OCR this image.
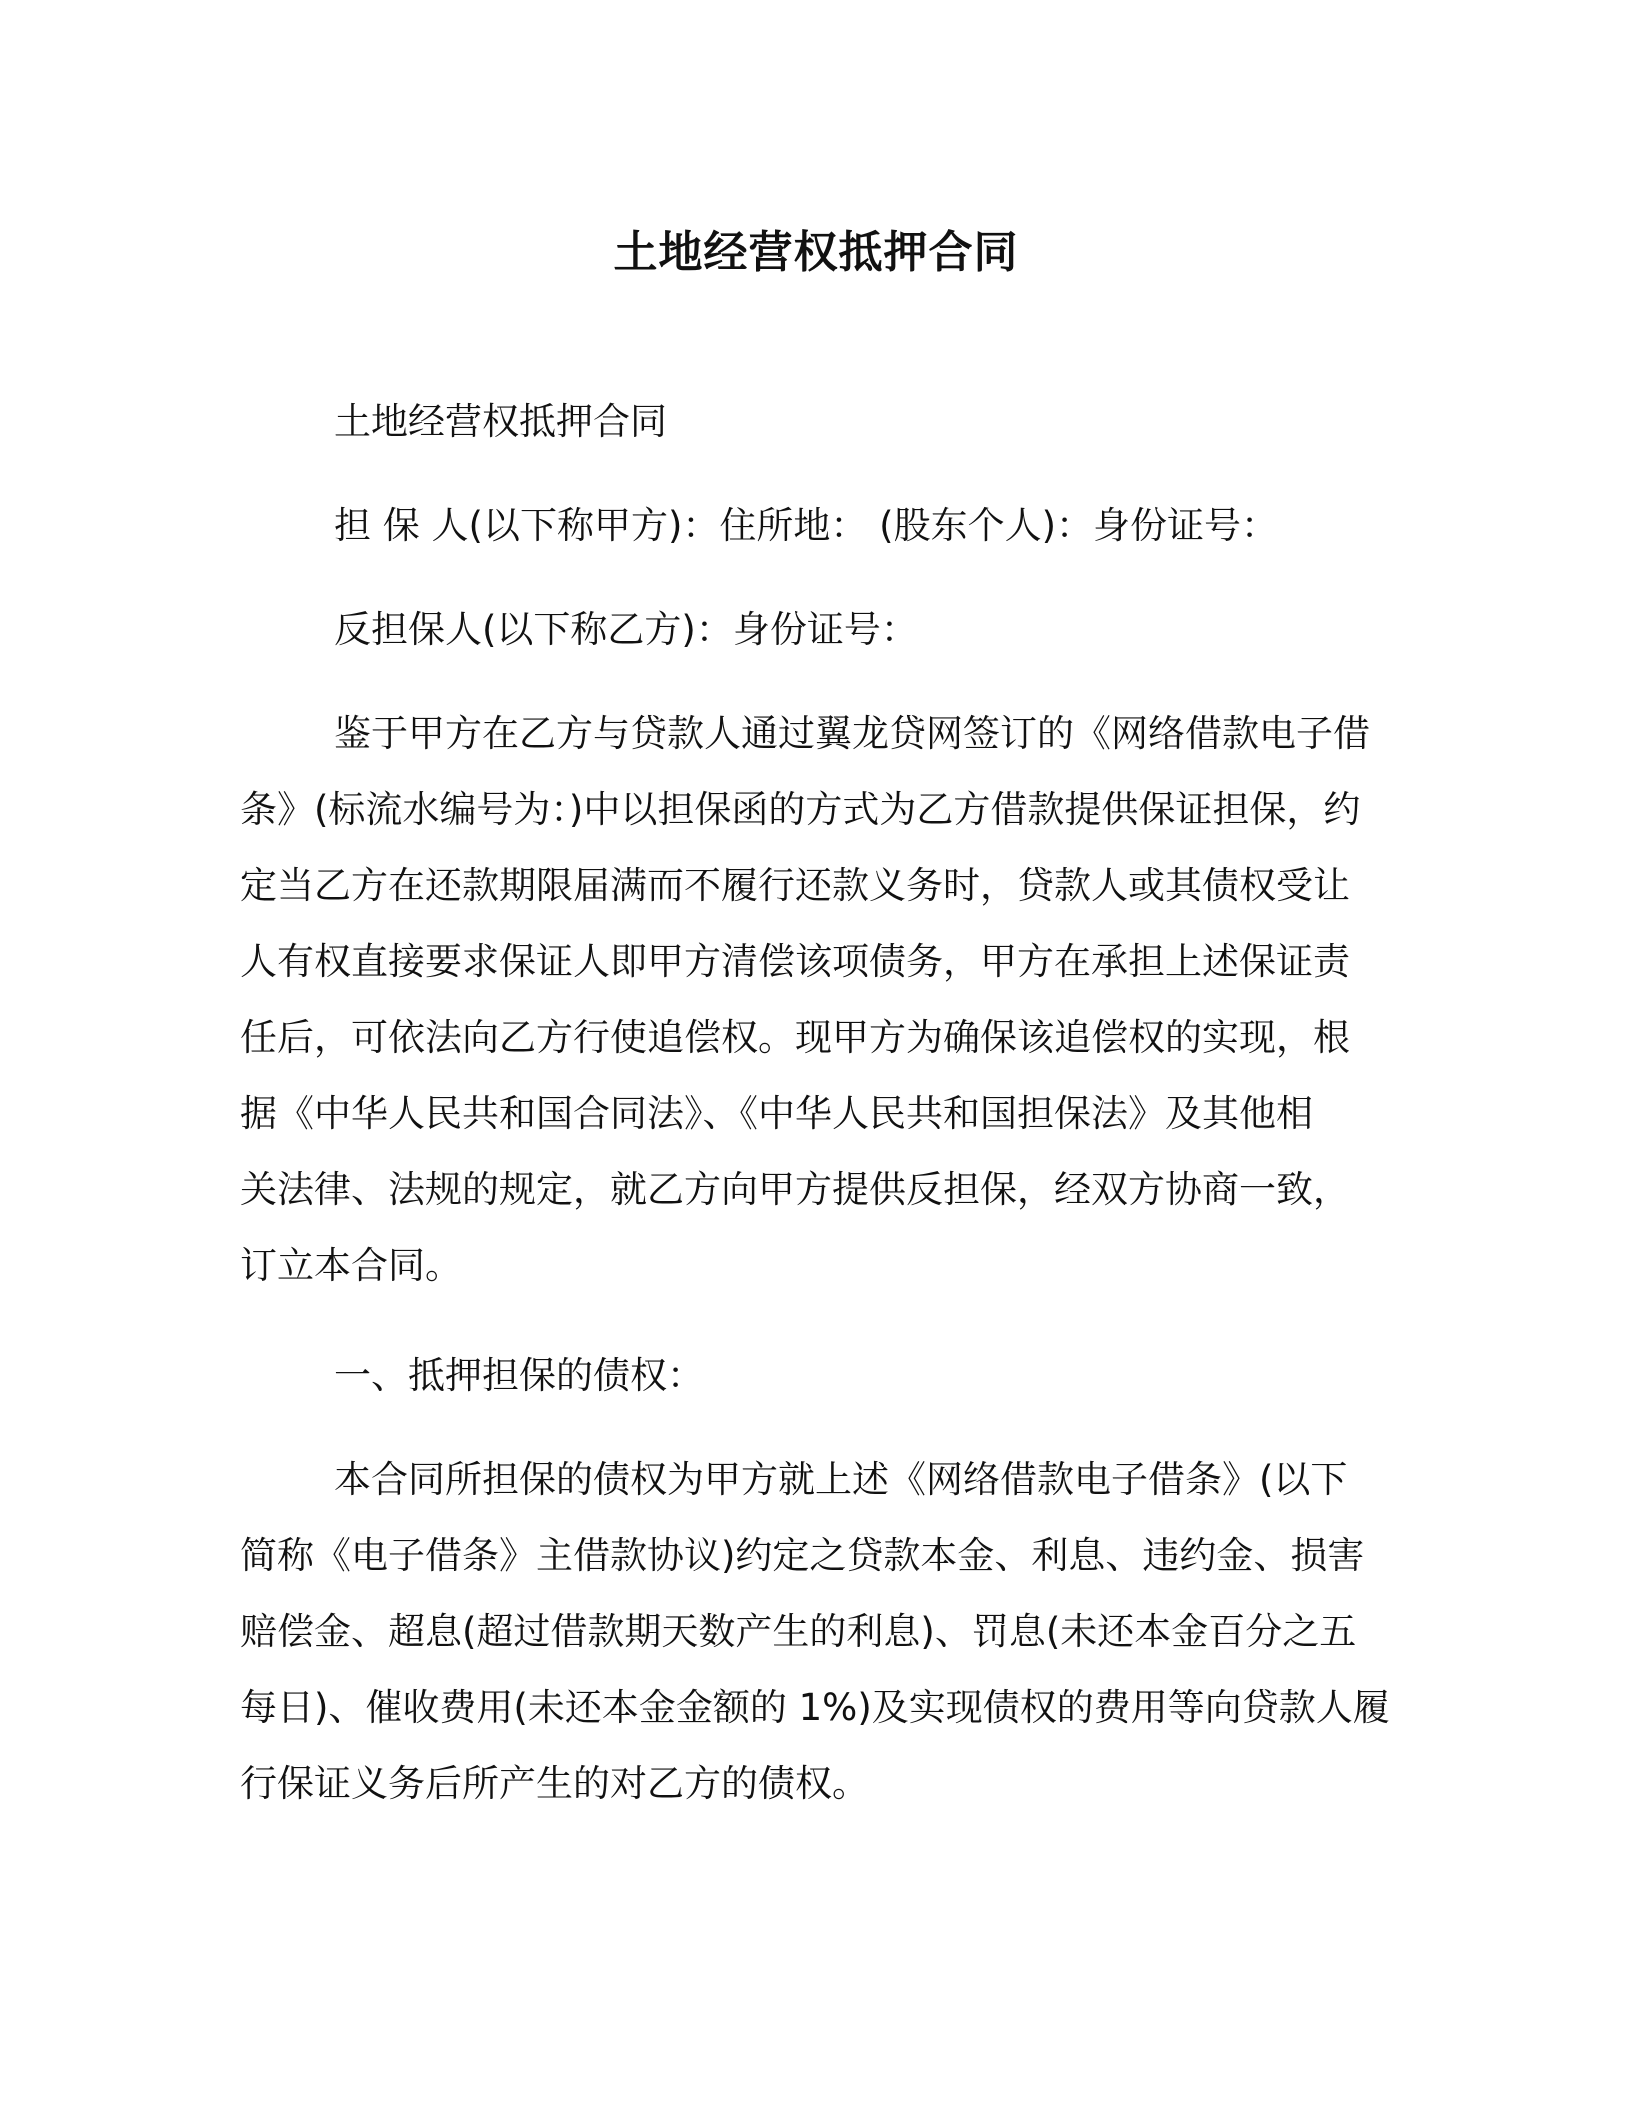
土地经营权抵押合同
土地经营权抵押合同
担 保 人(以下称甲方)：住所地： (股东个人)：身份证号：
反担保人(以下称乙方)：身份证号：
鉴于甲方在乙方与贷款人通过翼龙贷网签订的《网络借款电子借
条》(标流水编号为：)中以担保函的方式为乙方借款提供保证担保，约
定当乙方在还款期限届满而不履行还款义务时，贷款人或其债权受让
人有权直接要求保证人即甲方清偿该项债务，甲方在承担上述保证责
任后，可依法向乙方行使追偿权。现甲方为确保该追偿权的实现，根
据《中华人民共和国合同法》、《中华人民共和国担保法》及其他相
关法律、法规的规定，就乙方向甲方提供反担保，经双方协商一致，
订立本合同。
一、抵押担保的债权：
本合同所担保的债权为甲方就上述《网络借款电子借条》(以下
简称《电子借条》主借款协议)约定之贷款本金、利息、违约金、损害
赔偿金、超息(超过借款期天数产生的利息)、罚息(未还本金百分之五
每日)、催收费用(未还本金金额的 1%)及实现债权的费用等向贷款人履
行保证义务后所产生的对乙方的债权。
